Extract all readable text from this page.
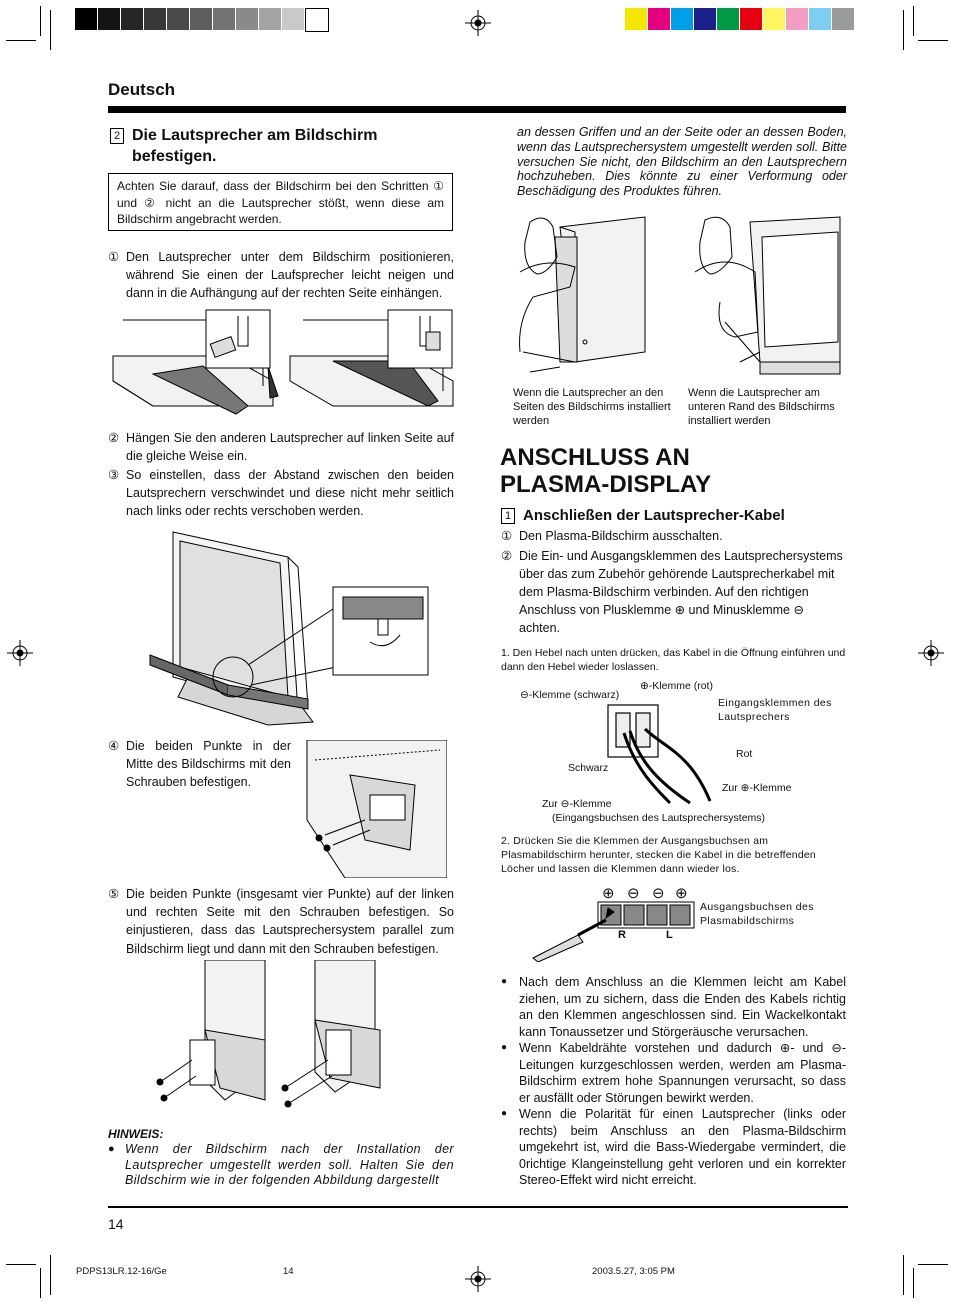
Deutsch
2 Die Lautsprecher am Bildschirm befestigen.
Achten Sie darauf, dass der Bildschirm bei den Schritten ① und ② nicht an die Lautsprecher stößt, wenn diese am Bildschirm angebracht werden.
① Den Lautsprecher unter dem Bildschirm positionieren, während Sie einen der Laufsprecher leicht neigen und dann in die Aufhängung auf der rechten Seite einhängen.
② Hängen Sie den anderen Lautsprecher auf linken Seite auf die gleiche Weise ein.
③ So einstellen, dass der Abstand zwischen den beiden Lautsprechern verschwindet und diese nicht mehr seitlich nach links oder rechts verschoben werden.
④ Die beiden Punkte in der Mitte des Bildschirms mit den Schrauben befestigen.
⑤ Die beiden Punkte (insgesamt vier Punkte) auf der linken und rechten Seite mit den Schrauben befestigen. So einjustieren, dass das Lautsprechersystem parallel zum Bildschirm liegt und dann mit den Schrauben befestigen.
HINWEIS:
● Wenn der Bildschirm nach der Installation der Lautsprecher umgestellt werden soll. Halten Sie den Bildschirm wie in der folgenden Abbildung dargestellt
an dessen Griffen und an der Seite oder an dessen Boden, wenn das Lautsprechersystem umgestellt werden soll. Bitte versuchen Sie nicht, den Bildschirm an den Lautsprechern hochzuheben. Dies könnte zu einer Verformung oder Beschädigung des Produktes führen.
Wenn die Lautsprecher an den Seiten des Bildschirms installiert werden
Wenn die Lautsprecher am unteren Rand des Bildschirms installiert werden
ANSCHLUSS AN PLASMA-DISPLAY
1 Anschließen der Lautsprecher-Kabel
① Den Plasma-Bildschirm ausschalten.
② Die Ein- und Ausgangsklemmen des Lautsprechersystems über das zum Zubehör gehörende Lautsprecherkabel mit dem Plasma-Bildschirm verbinden. Auf den richtigen Anschluss von Plusklemme ⊕ und Minusklemme ⊖ achten.
1. Den Hebel nach unten drücken, das Kabel in die Öffnung einführen und dann den Hebel wieder loslassen.
⊖-Klemme (schwarz)
⊕-Klemme (rot)
Eingangsklemmen des Lautsprechers
Rot
Schwarz
Zur ⊕-Klemme
Zur ⊖-Klemme
(Eingangsbuchsen des Lautsprechersystems)
2. Drücken Sie die Klemmen der Ausgangsbuchsen am Plasmabildschirm herunter, stecken die Kabel in die betreffenden Löcher und lassen die Klemmen dann wieder los.
⊕ ⊖ ⊖ ⊕
Ausgangsbuchsen des Plasmabildschirms
R	L
● Nach dem Anschluss an die Klemmen leicht am Kabel ziehen, um zu sichern, dass die Enden des Kabels richtig an den Klemmen angeschlossen sind. Ein Wackelkontakt kann Tonaussetzer und Störgeräusche verursachen.
● Wenn Kabeldrähte vorstehen und dadurch ⊕- und ⊖-Leitungen kurzgeschlossen werden, werden am Plasma-Bildschirm extrem hohe Spannungen verursacht, so dass er ausfällt oder Störungen bewirkt werden.
● Wenn die Polarität für einen Lautsprecher (links oder rechts) beim Anschluss an den Plasma-Bildschirm umgekehrt ist, wird die Bass-Wiedergabe vermindert, die 0richtige Klangeinstellung geht verloren und ein korrekter Stereo-Effekt wird nicht erreicht.
14
PDPS13LR.12-16/Ge	14	2003.5.27, 3:05 PM
